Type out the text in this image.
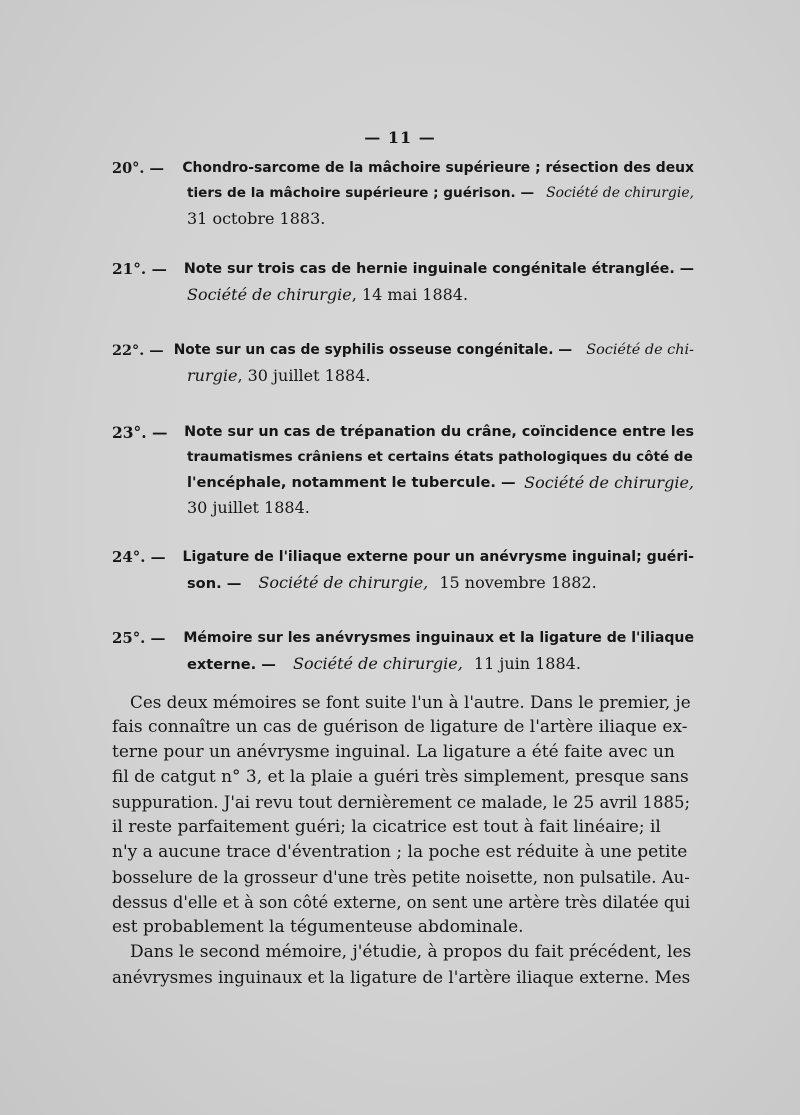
— 11 —
20°. — Chondro-sarcome de la mâchoire supérieure ; résection des deux
tiers de la mâchoire supérieure ; guérison. — Société de chirurgie,
31 octobre 1883.
21°. — Note sur trois cas de hernie inguinale congénitale étranglée. —
Société de chirurgie, 14 mai 1884.
22°. — Note sur un cas de syphilis osseuse congénitale. — Société de chi-
rurgie, 30 juillet 1884.
23°. — Note sur un cas de trépanation du crâne, coïncidence entre les
traumatismes crâniens et certains états pathologiques du côté de
l'encéphale, notamment le tubercule. — Société de chirurgie,
30 juillet 1884.
24°. — Ligature de l'iliaque externe pour un anévrysme inguinal; guéri-
son. — Société de chirurgie, 15 novembre 1882.
25°. — Mémoire sur les anévrysmes inguinaux et la ligature de l'iliaque
externe. — Société de chirurgie, 11 juin 1884.
Ces deux mémoires se font suite l'un à l'autre. Dans le premier, je
fais connaître un cas de guérison de ligature de l'artère iliaque ex-
terne pour un anévrysme inguinal. La ligature a été faite avec un
fil de catgut n° 3, et la plaie a guéri très simplement, presque sans
suppuration. J'ai revu tout dernièrement ce malade, le 25 avril 1885;
il reste parfaitement guéri; la cicatrice est tout à fait linéaire; il
n'y a aucune trace d'éventration ; la poche est réduite à une petite
bosselure de la grosseur d'une très petite noisette, non pulsatile. Au-
dessus d'elle et à son côté externe, on sent une artère très dilatée qui
est probablement la tégumenteuse abdominale.
Dans le second mémoire, j'étudie, à propos du fait précédent, les
anévrysmes inguinaux et la ligature de l'artère iliaque externe. Mes
